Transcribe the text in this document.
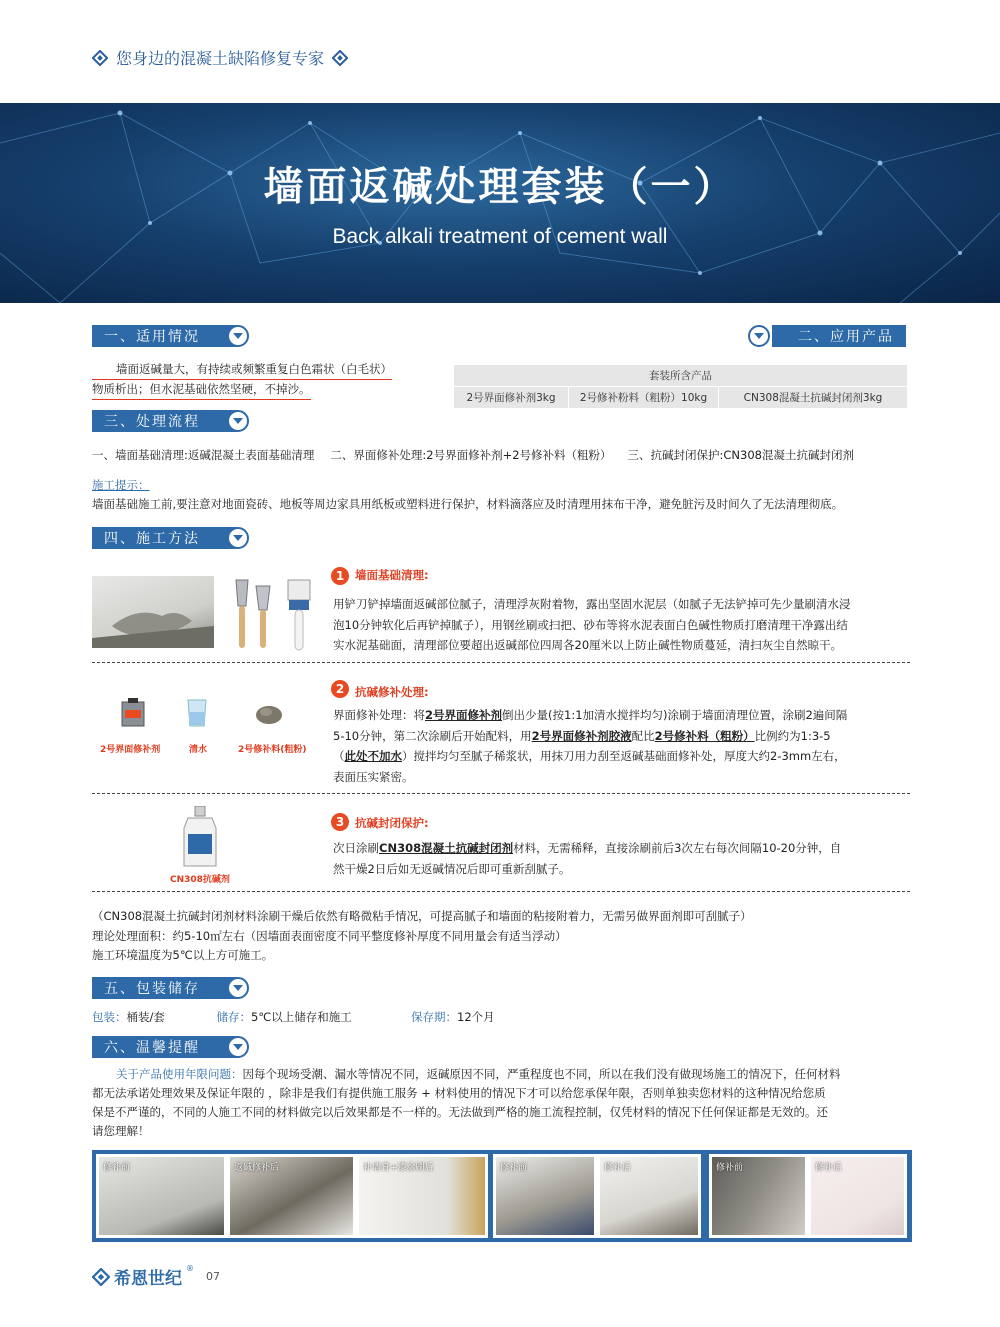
您身边的混凝土缺陷修复专家
墙面返碱处理套装（一）
Back alkali treatment of cement wall
一、适用情况
墙面返碱量大，有持续或频繁重复白色霜状（白毛状）
物质析出；但水泥基础依然坚硬，不掉沙。
二、应用产品
套装所含产品
2号界面修补剂3kg	2号修补粉料（粗粉）10kg	CN308混凝土抗碱封闭剂3kg
三、处理流程
一、墙面基础清理:返碱混凝土表面基础清理 二、界面修补处理:2号界面修补剂+2号修补料（粗粉） 三、抗碱封闭保护:CN308混凝土抗碱封闭剂
施工提示：
墙面基础施工前,要注意对地面瓷砖、地板等周边家具用纸板或塑料进行保护，材料滴落应及时清理用抹布干净，避免脏污及时间久了无法清理彻底。
四、施工方法
1 墙面基础清理:
用铲刀铲掉墙面返碱部位腻子，清理浮灰附着物，露出坚固水泥层（如腻子无法铲掉可先少量刷清水浸
泡10分钟软化后再铲掉腻子），用钢丝刷或扫把、砂布等将水泥表面白色碱性物质打磨清理干净露出结
实水泥基础面，清理部位要超出返碱部位四周各20厘米以上防止碱性物质蔓延，清扫灰尘自然晾干。
2号界面修补剂	清水	2号修补料(粗粉)
2 抗碱修补处理:
界面修补处理：将2号界面修补剂倒出少量(按1:1加清水搅拌均匀)涂刷于墙面清理位置，涂刷2遍间隔
5-10分钟，第二次涂刷后开始配料，用2号界面修补剂胶液配比2号修补料（粗粉）比例约为1:3-5
（此处不加水）搅拌均匀至腻子稀浆状，用抹刀用力刮至返碱基础面修补处，厚度大约2-3mm左右，
表面压实紧密。
CN308抗碱剂
3 抗碱封闭保护:
次日涂刷CN308混凝土抗碱封闭剂材料，无需稀释，直接涂刷前后3次左右每次间隔10-20分钟，自
然干燥2日后如无返碱情况后即可重新刮腻子。
（CN308混凝土抗碱封闭剂材料涂刷干燥后依然有略微粘手情况，可提高腻子和墙面的粘接附着力，无需另做界面剂即可刮腻子）
理论处理面积：约5-10㎡左右（因墙面表面密度不同平整度修补厚度不同用量会有适当浮动）
施工环境温度为5℃以上方可施工。
五、包装储存
包装： 桶装/套	储存： 5℃以上储存和施工	保存期： 12个月
六、温馨提醒
关于产品使用年限问题：因每个现场受潮、漏水等情况不同，返碱原因不同，严重程度也不同，所以在我们没有做现场施工的情况下，任何材料
都无法承诺处理效果及保证年限的 ，除非是我们有提供施工服务 + 材料使用的情况下才可以给您承保年限，否则单独卖您材料的这种情况给您质
保是不严谨的，不同的人施工不同的材料做完以后效果都是不一样的。无法做到严格的施工流程控制，仅凭材料的情况下任何保证都是无效的。还
请您理解！
修补前	返碱修补后	补墙膏+漆涂刷后	修补前	修补后	修补前	修补后
希恩世纪
®
07
